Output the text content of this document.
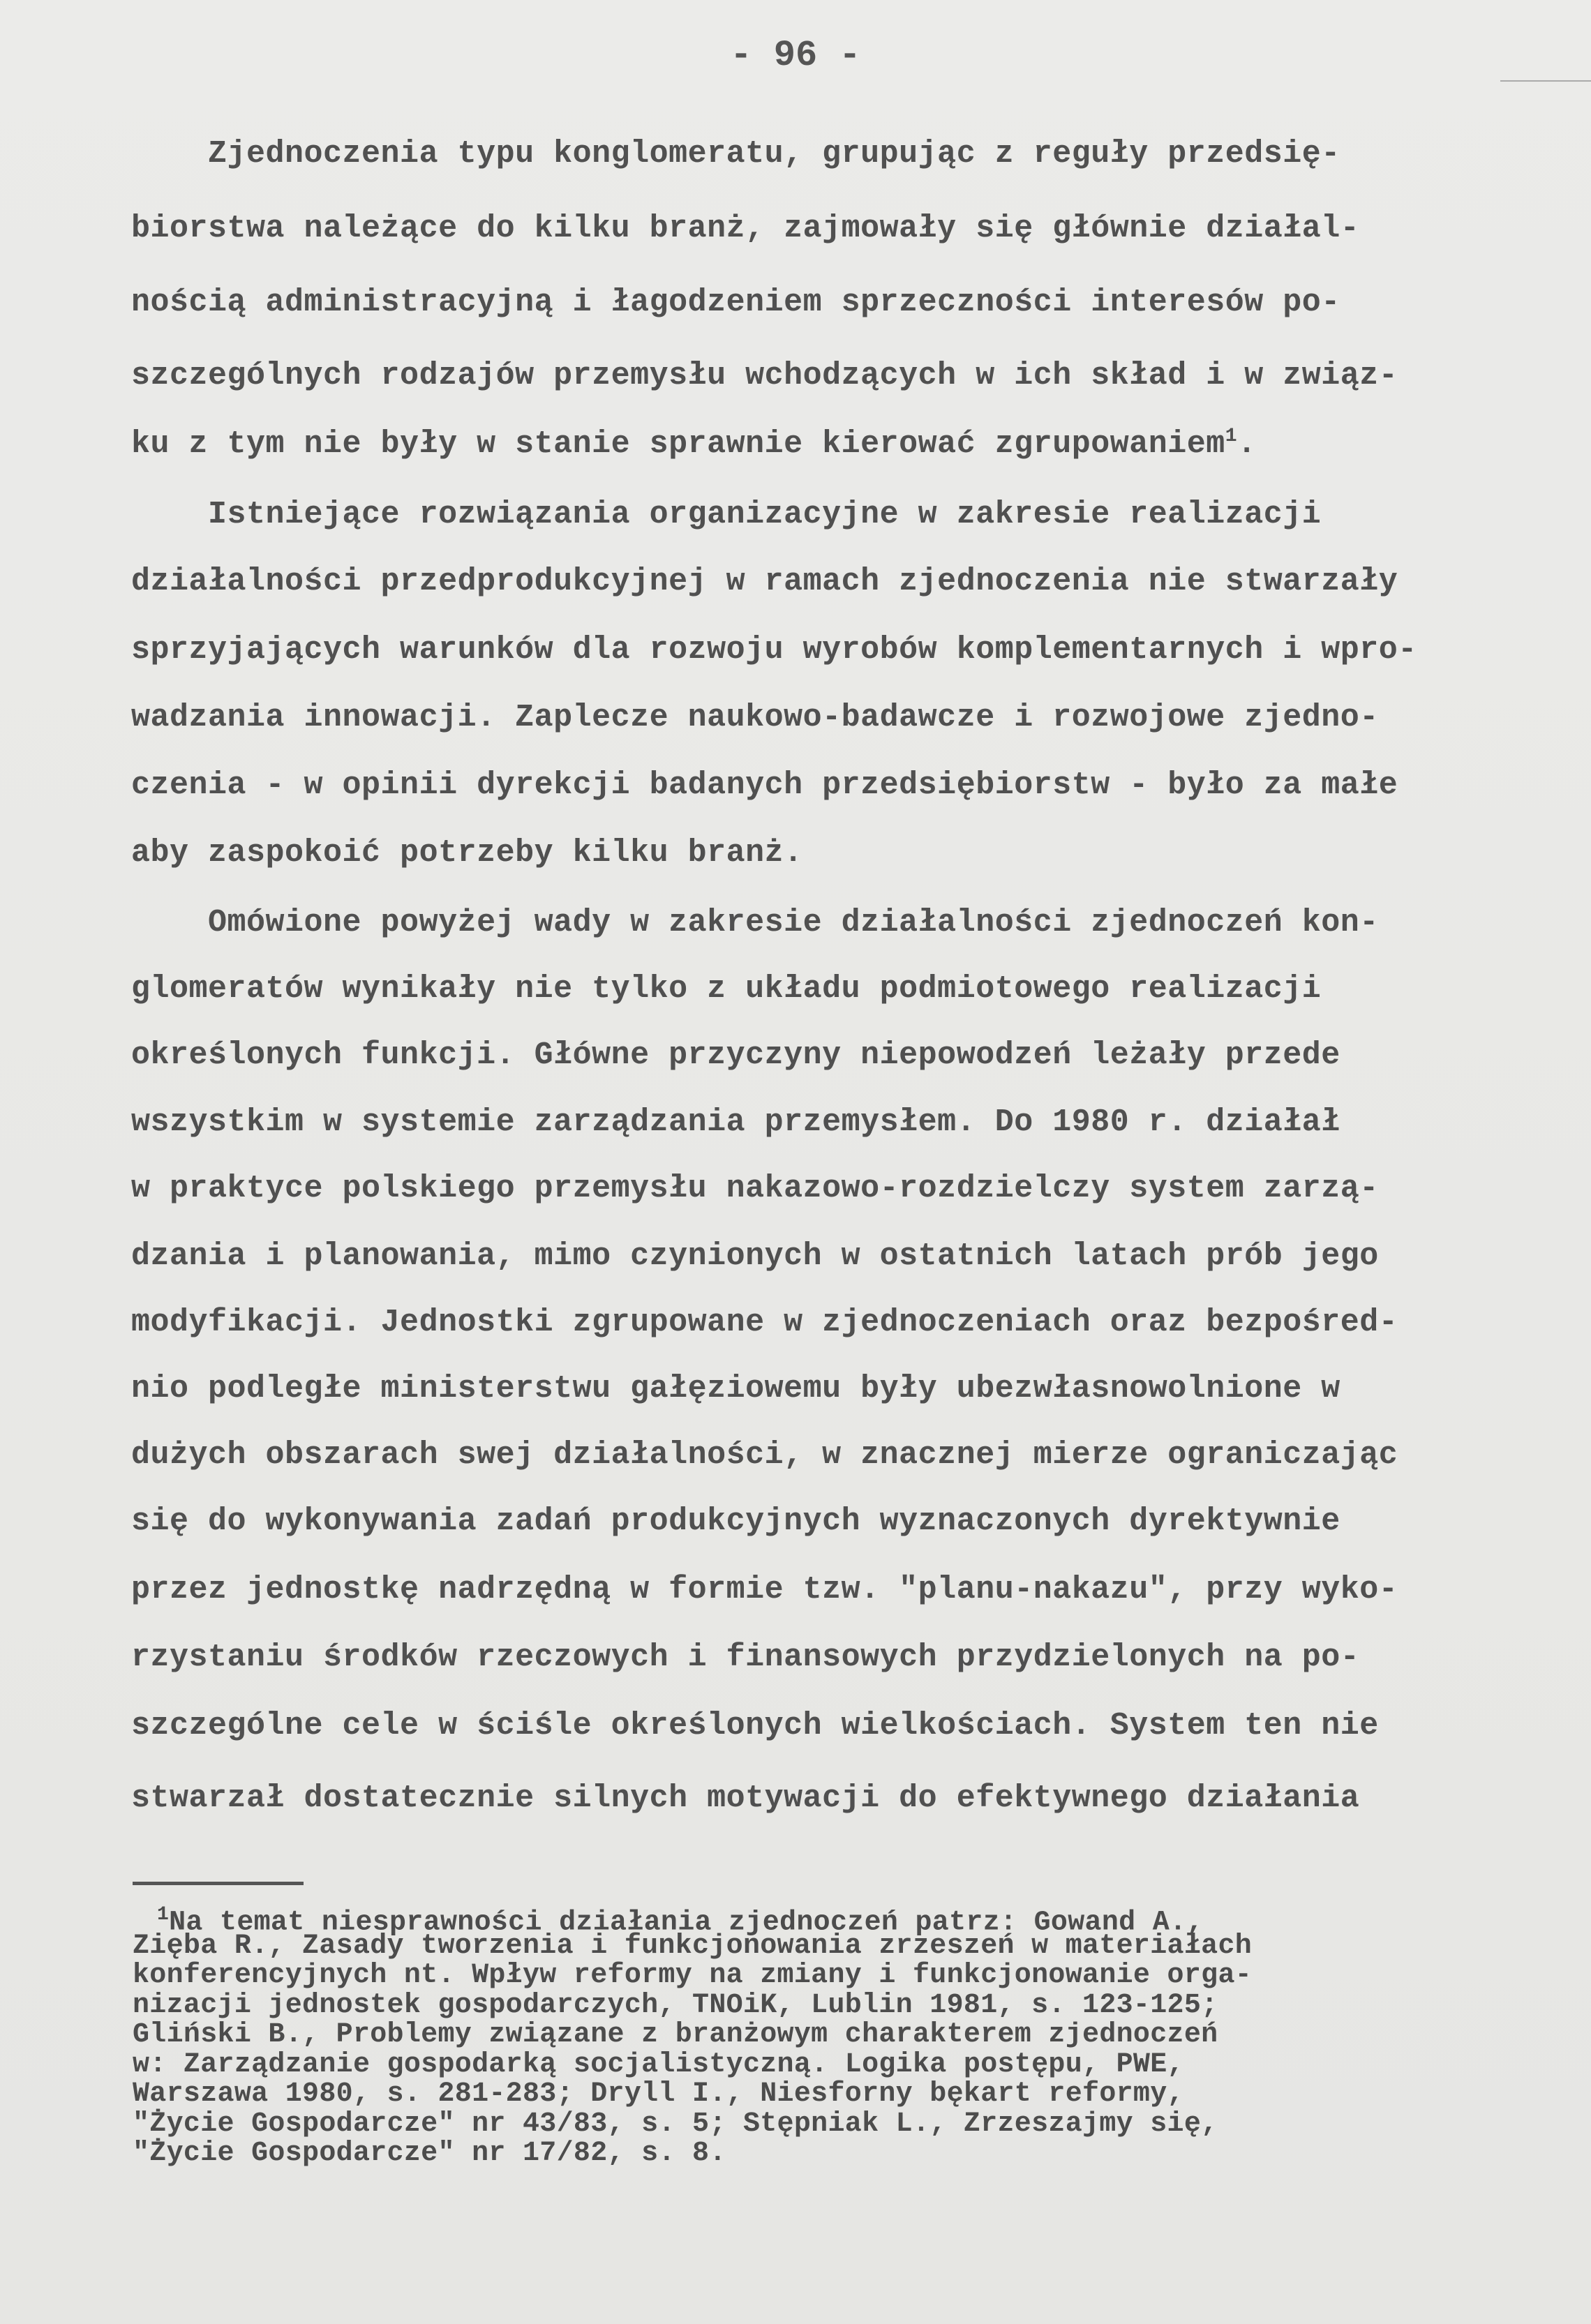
- 96 -
Zjednoczenia typu konglomeratu, grupując z reguły przedsię-
biorstwa należące do kilku branż, zajmowały się głównie działal-
nością administracyjną i łagodzeniem sprzeczności interesów po-
szczególnych rodzajów przemysłu wchodzących w ich skład i w związ-
ku z tym nie były w stanie sprawnie kierować zgrupowaniem$^1$.
Istniejące rozwiązania organizacyjne w zakresie realizacji
działalności przedprodukcyjnej w ramach zjednoczenia nie stwarzały
sprzyjających warunków dla rozwoju wyrobów komplementarnych i wpro-
wadzania innowacji. Zaplecze naukowo-badawcze i rozwojowe zjedno-
czenia - w opinii dyrekcji badanych przedsiębiorstw - było za małe
aby zaspokoić potrzeby kilku branż.
Omówione powyżej wady w zakresie działalności zjednoczeń kon-
glomeratów wynikały nie tylko z układu podmiotowego realizacji
określonych funkcji. Główne przyczyny niepowodzeń leżały przede
wszystkim w systemie zarządzania przemysłem. Do 1980 r. działał
w praktyce polskiego przemysłu nakazowo-rozdzielczy system zarzą-
dzania i planowania, mimo czynionych w ostatnich latach prób jego
modyfikacji. Jednostki zgrupowane w zjednoczeniach oraz bezpośred-
nio podległe ministerstwu gałęziowemu były ubezwłasnowolnione w
dużych obszarach swej działalności, w znacznej mierze ograniczając
się do wykonywania zadań produkcyjnych wyznaczonych dyrektywnie
przez jednostkę nadrzędną w formie tzw. "planu-nakazu", przy wyko-
rzystaniu środków rzeczowych i finansowych przydzielonych na po-
szczególne cele w ściśle określonych wielkościach. System ten nie
stwarzał dostatecznie silnych motywacji do efektywnego działania
$^1$Na temat niesprawności działania zjednoczeń patrz: Gowand A.,
Zięba R., Zasady tworzenia i funkcjonowania zrzeszeń w materiałach
konferencyjnych nt. Wpływ reformy na zmiany i funkcjonowanie orga-
nizacji jednostek gospodarczych, TNOiK, Lublin 1981, s. 123-125;
Gliński B., Problemy związane z branżowym charakterem zjednoczeń
w: Zarządzanie gospodarką socjalistyczną. Logika postępu, PWE,
Warszawa 1980, s. 281-283; Dryll I., Niesforny bękart reformy,
"Życie Gospodarcze" nr 43/83, s. 5; Stępniak L., Zrzeszajmy się,
"Życie Gospodarcze" nr 17/82, s. 8.
